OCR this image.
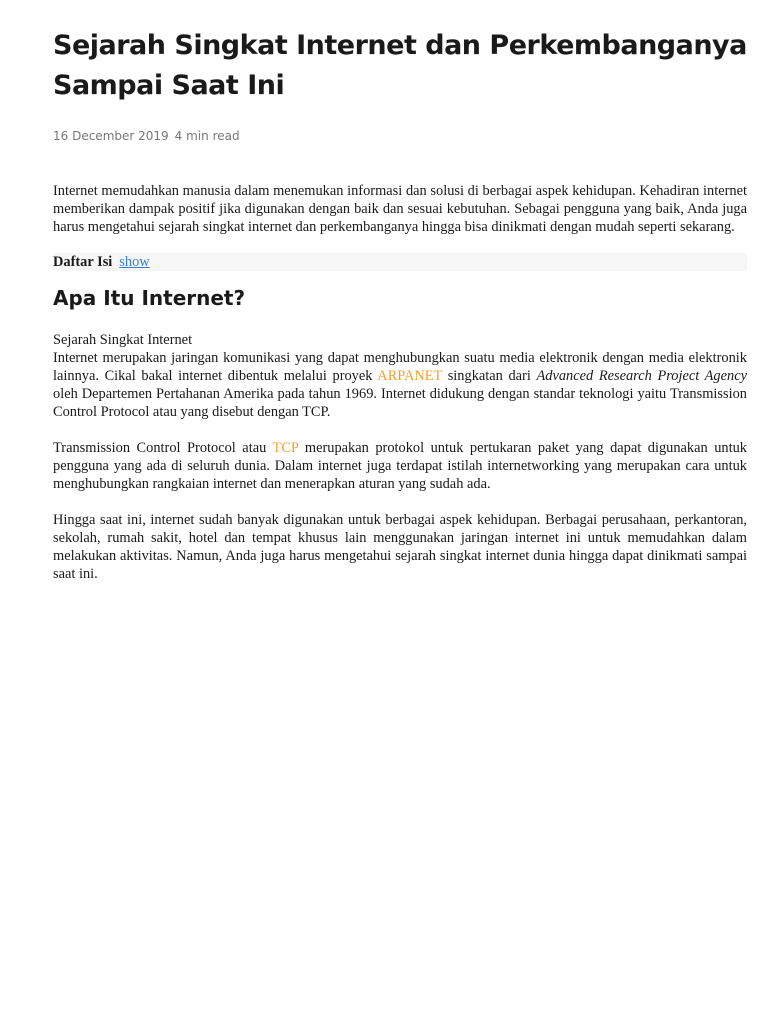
Sejarah Singkat Internet dan Perkembanganya Sampai Saat Ini
16 December 2019 4 min read

Internet memudahkan manusia dalam menemukan informasi dan solusi di berbagai aspek kehidupan. Kehadiran internet memberikan dampak positif jika digunakan dengan baik dan sesuai kebutuhan. Sebagai pengguna yang baik, Anda juga harus mengetahui sejarah singkat internet dan perkembanganya hingga bisa dinikmati dengan mudah seperti sekarang.

Daftar Isi show
Apa Itu Internet?

Sejarah Singkat Internet

Internet merupakan jaringan komunikasi yang dapat menghubungkan suatu media elektronik dengan media elektronik lainnya. Cikal bakal internet dibentuk melalui proyek ARPANET singkatan dari Advanced Research Project Agency oleh Departemen Pertahanan Amerika pada tahun 1969. Internet didukung dengan standar teknologi yaitu Transmission Control Protocol atau yang disebut dengan TCP.

Transmission Control Protocol atau TCP merupakan protokol untuk pertukaran paket yang dapat digunakan untuk pengguna yang ada di seluruh dunia. Dalam internet juga terdapat istilah internetworking yang merupakan cara untuk menghubungkan rangkaian internet dan menerapkan aturan yang sudah ada.

Hingga saat ini, internet sudah banyak digunakan untuk berbagai aspek kehidupan. Berbagai perusahaan, perkantoran, sekolah, rumah sakit, hotel dan tempat khusus lain menggunakan jaringan internet ini untuk memudahkan dalam melakukan aktivitas. Namun, Anda juga harus mengetahui sejarah singkat internet dunia hingga dapat dinikmati sampai saat ini.
